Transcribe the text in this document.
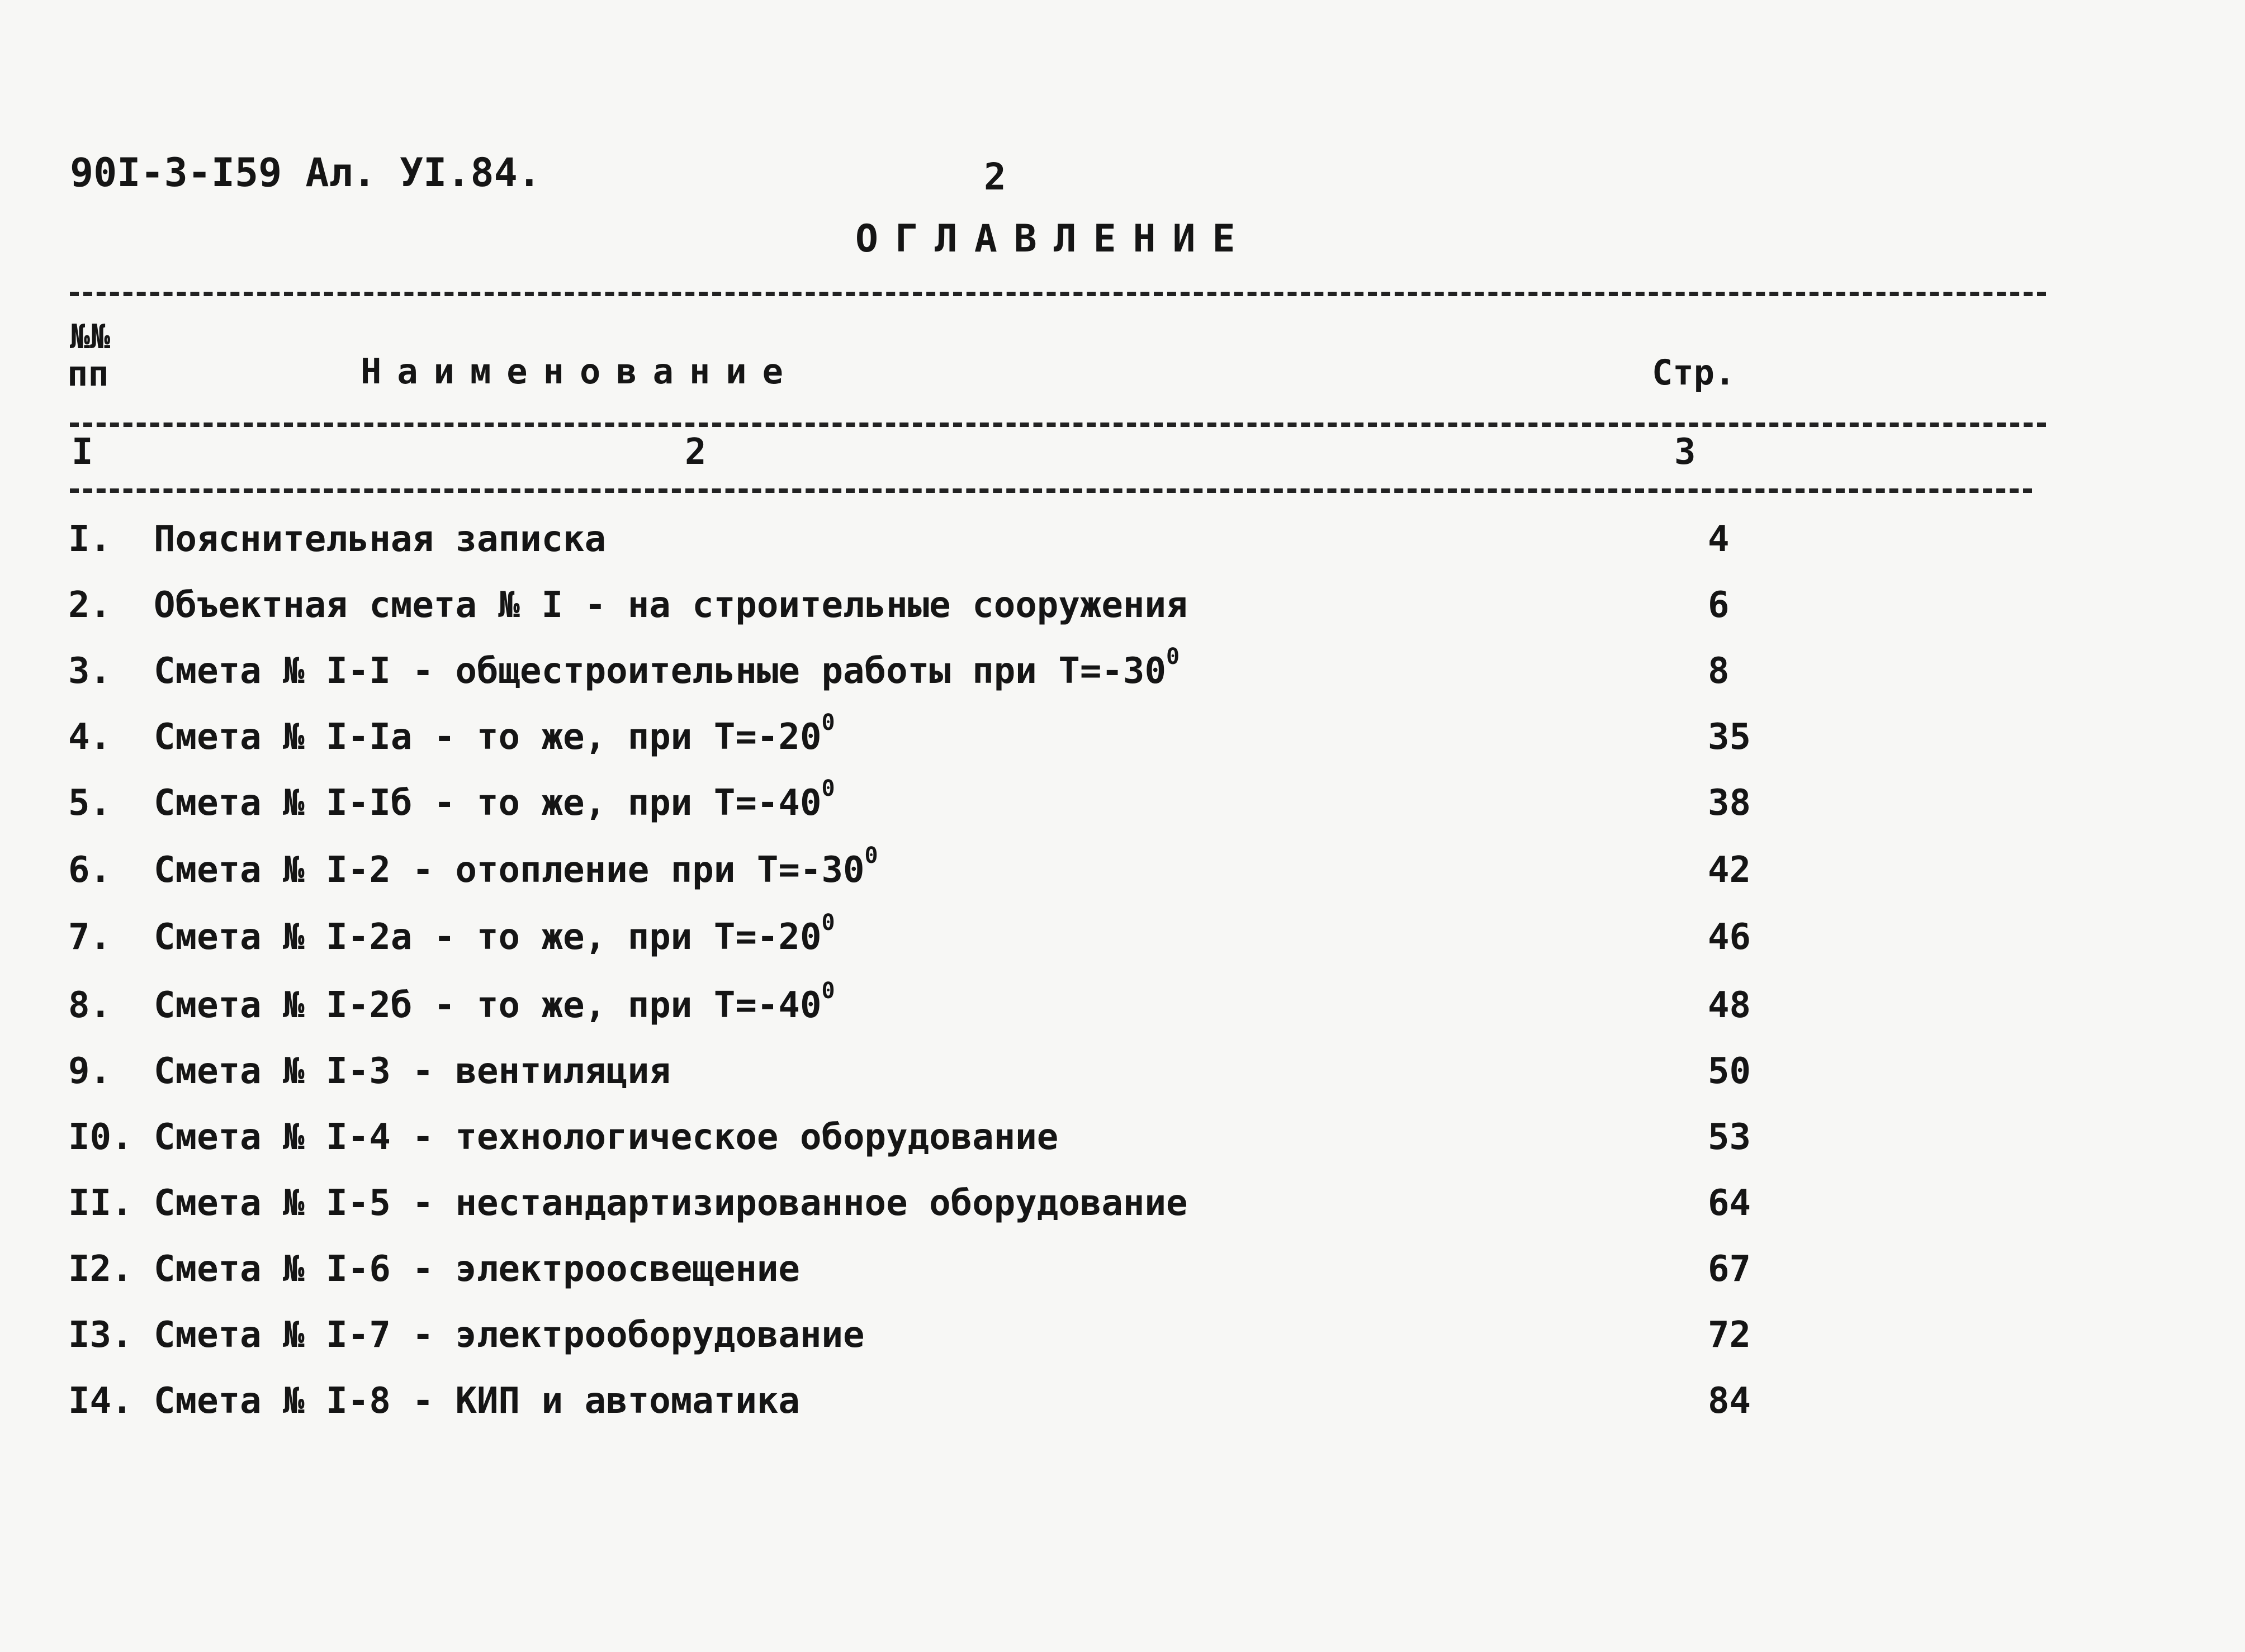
90I-3-I59 Ал. УI.84.	2
ОГЛАВЛЕНИЕ
№№
пп	Наименование	Стр.
I	2	3
I. Пояснительная записка	4
2. Объектная смета № I - на строительные сооружения	6
3. Смета № I-I - общестроительные работы при $Т=-30^0$	8
4. Смета № I-Iа - то же, при $Т=-20^0$	35
5. Смета № I-Iб - то же, при $Т=-40^0$	38
6. Смета № I-2 - отопление при $Т=-30^0$	42
7. Смета № I-2а - то же, при $Т=-20^0$	46
8. Смета № I-2б - то же, при $Т=-40^0$	48
9. Смета № I-3 - вентиляция	50
I0. Смета № I-4 - технологическое оборудование	53
II. Смета № I-5 - нестандартизированное оборудование	64
I2. Смета № I-6 - электроосвещение	67
I3. Смета № I-7 - электрооборудование	72
I4. Смета № I-8 - КИП и автоматика	84
